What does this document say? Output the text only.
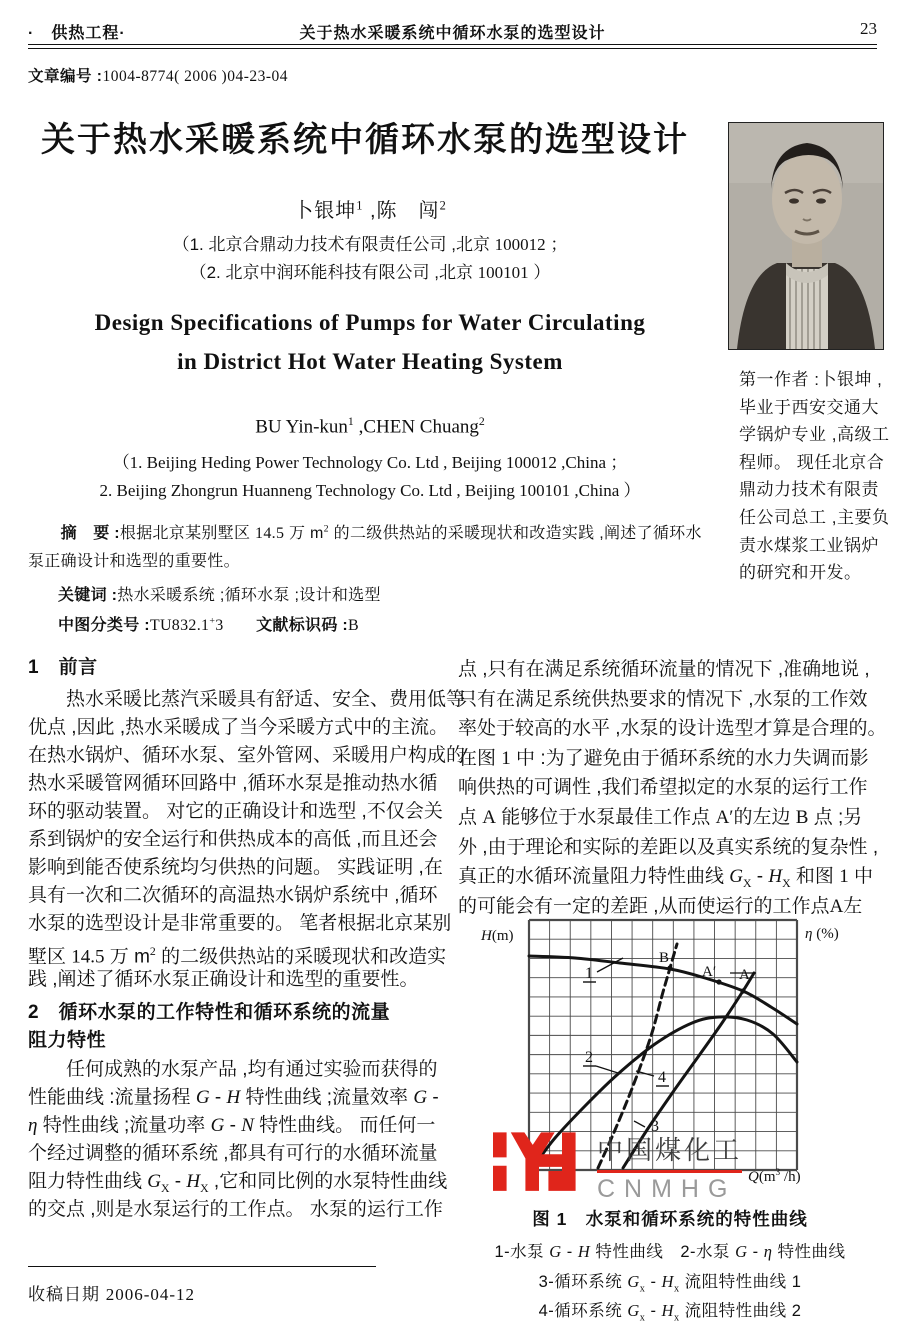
·　供热工程·	关于热水采暖系统中循环水泵的选型设计	23
文章编号 :1004-8774( 2006 )04-23-04
关于热水采暖系统中循环水泵的选型设计
卜银坤$^1$ ,陈　闯$^2$
（1. 北京合鼎动力技术有限责任公司 ,北京 100012 ；
（2. 北京中润环能科技有限公司 ,北京 100101 ）
Design Specifications of Pumps for Water Circulating
in District Hot Water Heating System
BU Yin-kun$^1$ ,CHEN Chuang$^2$
（1. Beijing Heding Power Technology Co. Ltd , Beijing 100012 ,China ；
2. Beijing Zhongrun Huanneng Technology Co. Ltd , Beijing 100101 ,China ）
　　摘　要 :根据北京某别墅区 14.5 万 $m^2$ 的二级供热站的采暖现状和改造实践 ,阐述了循环水
泵正确设计和选型的重要性。
关键词 :热水采暖系统 ;循环水泵 ;设计和选型
中图分类号 :TU832.1+3　　 文献标识码 :B
第一作者 :卜银坤 ,
毕业于西安交通大
学锅炉专业 ,高级工
程师。 现任北京合
鼎动力技术有限责
任公司总工 ,主要负
责水煤浆工业锅炉
的研究和开发。
1　前言
　　热水采暖比蒸汽采暖具有舒适、安全、费用低等
优点 ,因此 ,热水采暖成了当今采暖方式中的主流。
在热水锅炉、循环水泵、室外管网、采暖用户构成的
热水采暖管网循环回路中 ,循环水泵是推动热水循
环的驱动装置。 对它的正确设计和选型 ,不仅会关
系到锅炉的安全运行和供热成本的高低 ,而且还会
影响到能否使系统均匀供热的问题。 实践证明 ,在
具有一次和二次循环的高温热水锅炉系统中 ,循环
水泵的选型设计是非常重要的。 笔者根据北京某别
墅区 14.5 万 $m^2$ 的二级供热站的采暖现状和改造实
践 ,阐述了循环水泵正确设计和选型的重要性。
2　循环水泵的工作特性和循环系统的流量
阻力特性
　　任何成熟的水泵产品 ,均有通过实验而获得的
性能曲线 :流量扬程 G - H 特性曲线 ;流量效率 G -
η 特性曲线 ;流量功率 G - N 特性曲线。 而任何一
个经过调整的循环系统 ,都具有可行的水循环流量
阻力特性曲线 $G_X - H_X$ ,它和同比例的水泵特性曲线
的交点 ,则是水泵运行的工作点。 水泵的运行工作
点 ,只有在满足系统循环流量的情况下 ,准确地说 ,
只有在满足系统供热要求的情况下 ,水泵的工作效
率处于较高的水平 ,水泵的设计选型才算是合理的。
在图 1 中 :为了避免由于循环系统的水力失调而影
响供热的可调性 ,我们希望拟定的水泵的运行工作
点 A 能够位于水泵最佳工作点 A′的左边 B 点 ;另
外 ,由于理论和实际的差距以及真实系统的复杂性 ,
真正的水循环流量阻力特性曲线 $G_X - H_X$ 和图 1 中
的可能会有一定的差距 ,从而使运行的工作点A左
1
2
4
3
B
A′ A
H(m)	η (%)
$Q(m^3$ /h)
中国煤化工
CNMHG
图 1　水泵和循环系统的特性曲线
1-水泵 G - H 特性曲线　2-水泵 G - η 特性曲线
3-循环系统 $G_x - H_x$ 流阻特性曲线 1
4-循环系统 $G_x - H_x$ 流阻特性曲线 2
收稿日期 2006-04-12
